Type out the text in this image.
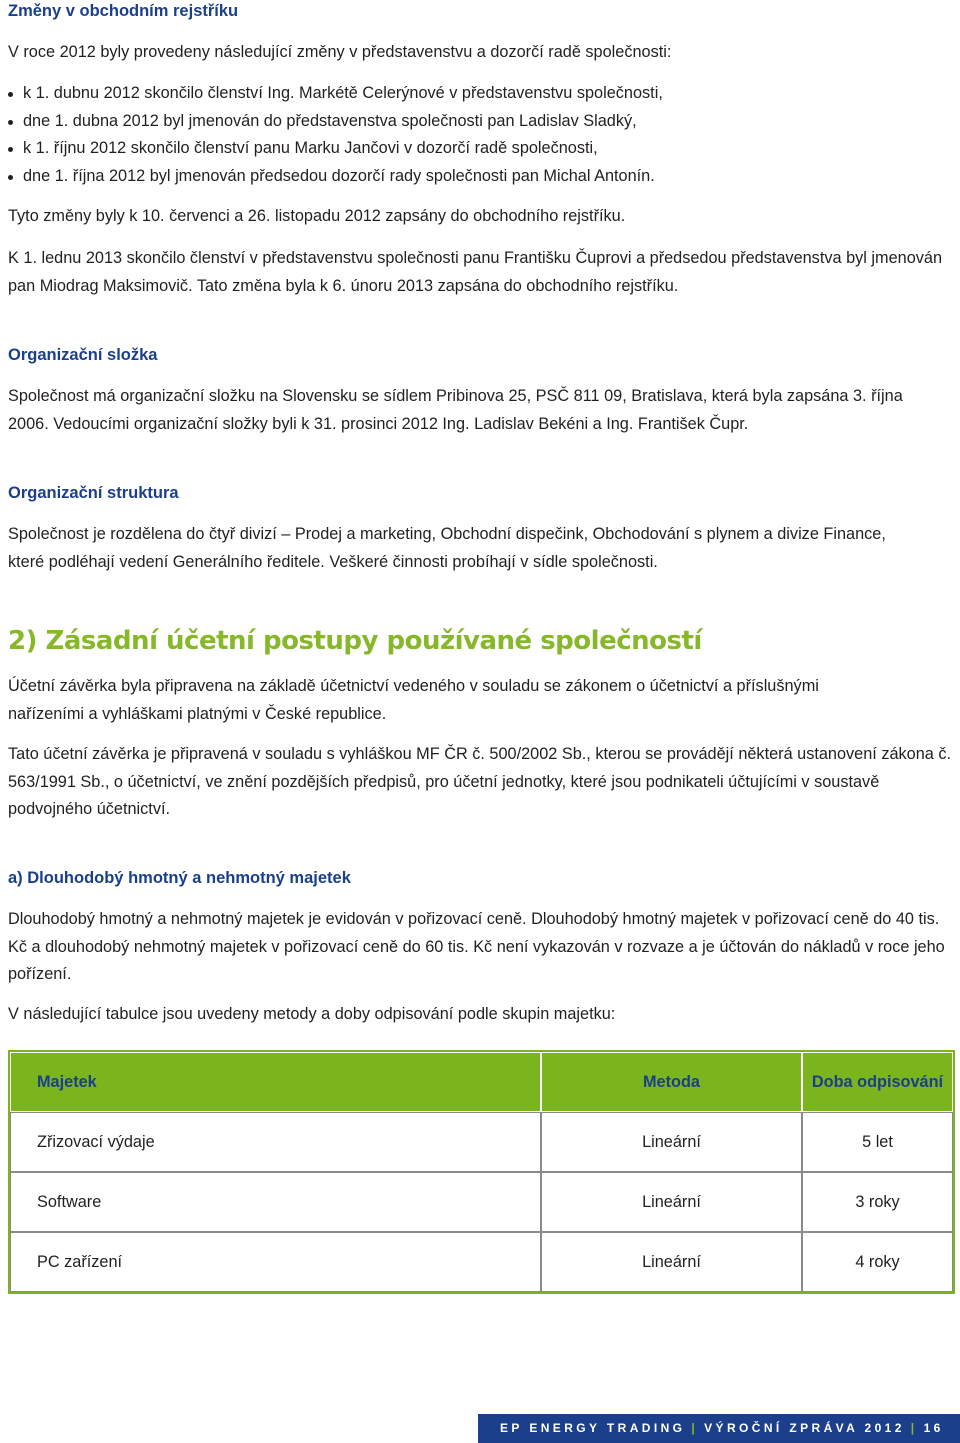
Změny v obchodním rejstříku

V roce 2012 byly provedeny následující změny v představenstvu a dozorčí radě společnosti:

k 1. dubnu 2012 skončilo členství Ing. Markétě Celerýnové v představenstvu společnosti,
dne 1. dubna 2012 byl jmenován do představenstva společnosti pan Ladislav Sladký,
k 1. říjnu 2012 skončilo členství panu Marku Jančovi v dozorčí radě společnosti,
dne 1. října 2012 byl jmenován předsedou dozorčí rady společnosti pan Michal Antonín.

Tyto změny byly k 10. červenci a 26. listopadu 2012 zapsány do obchodního rejstříku.

K 1. lednu 2013 skončilo členství v představenstvu společnosti panu Františku Čuprovi a předsedou představenstva byl jmenován pan Miodrag Maksimovič. Tato změna byla k 6. únoru 2013 zapsána do obchodního rejstříku.

Organizační složka

Společnost má organizační složku na Slovensku se sídlem Pribinova 25, PSČ 811 09, Bratislava, která byla zapsána 3. října 2006. Vedoucími organizační složky byli k 31. prosinci 2012 Ing. Ladislav Bekéni a Ing. František Čupr.

Organizační struktura

Společnost je rozdělena do čtyř divizí – Prodej a marketing, Obchodní dispečink, Obchodování s plynem a divize Finance, které podléhají vedení Generálního ředitele. Veškeré činnosti probíhají v sídle společnosti.

2) Zásadní účetní postupy používané společností

Účetní závěrka byla připravena na základě účetnictví vedeného v souladu se zákonem o účetnictví a příslušnými nařízeními a vyhláškami platnými v České republice.

Tato účetní závěrka je připravená v souladu s vyhláškou MF ČR č. 500/2002 Sb., kterou se provádějí některá ustanovení zákona č. 563/1991 Sb., o účetnictví, ve znění pozdějších předpisů, pro účetní jednotky, které jsou podnikateli účtujícími v soustavě podvojného účetnictví.

a) Dlouhodobý hmotný a nehmotný majetek

Dlouhodobý hmotný a nehmotný majetek je evidován v pořizovací ceně. Dlouhodobý hmotný majetek v pořizovací ceně do 40 tis. Kč a dlouhodobý nehmotný majetek v pořizovací ceně do 60 tis. Kč není vykazován v rozvaze a je účtován do nákladů v roce jeho pořízení.

V následující tabulce jsou uvedeny metody a doby odpisování podle skupin majetku:

Majetek	Metoda	Doba odpisování
Zřizovací výdaje	Lineární	5 let
Software	Lineární	3 roky
PC zařízení	Lineární	4 roky
EP ENERGY TRADING | VÝROČNÍ ZPRÁVA 2012 | 16
